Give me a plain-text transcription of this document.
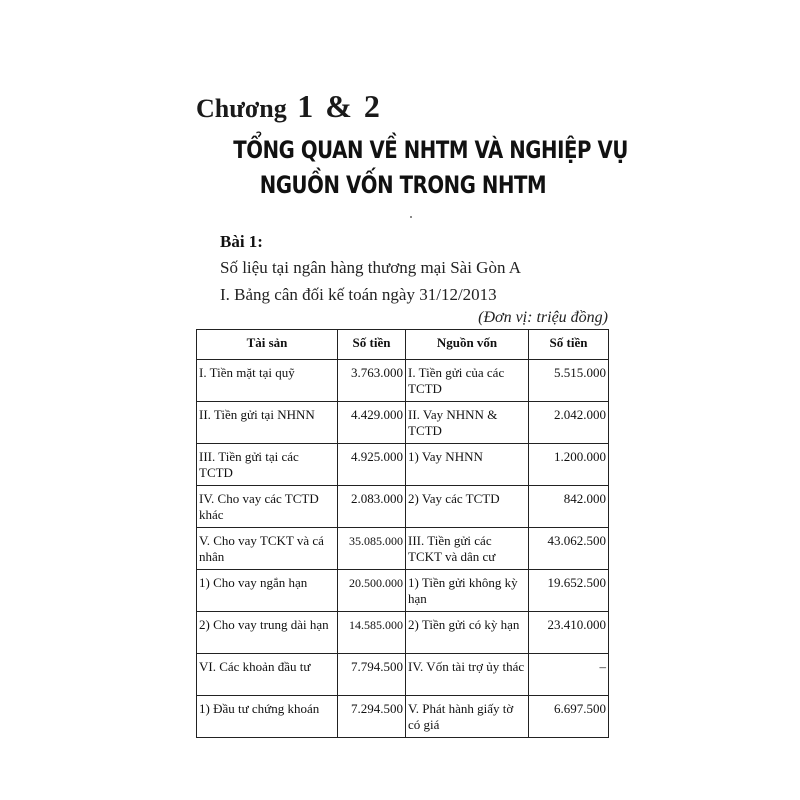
Chương 1 & 2
TỔNG QUAN VỀ NHTM VÀ NGHIỆP VỤ
NGUỒN VỐN TRONG NHTM
Bài 1:
Số liệu tại ngân hàng thương mại Sài Gòn A
I. Bảng cân đối kế toán ngày 31/12/2013
(Đơn vị: triệu đồng)
Tài sản	Số tiền	Nguồn vốn	Số tiền
I. Tiền mặt tại quỹ	3.763.000	I. Tiền gửi của các TCTD	5.515.000
II. Tiền gửi tại NHNN	4.429.000	II. Vay NHNN & TCTD	2.042.000
III. Tiền gửi tại các TCTD	4.925.000	1) Vay NHNN	1.200.000
IV. Cho vay các TCTD khác	2.083.000	2) Vay các TCTD	842.000
V. Cho vay TCKT và cá nhân	35.085.000	III. Tiền gửi các TCKT và dân cư	43.062.500
1) Cho vay ngắn hạn	20.500.000	1) Tiền gửi không kỳ hạn	19.652.500
2) Cho vay trung dài hạn	14.585.000	2) Tiền gửi có kỳ hạn	23.410.000
VI. Các khoản đầu tư	7.794.500	IV. Vốn tài trợ ủy thác	–
1) Đầu tư chứng khoán	7.294.500	V. Phát hành giấy tờ có giá	6.697.500
